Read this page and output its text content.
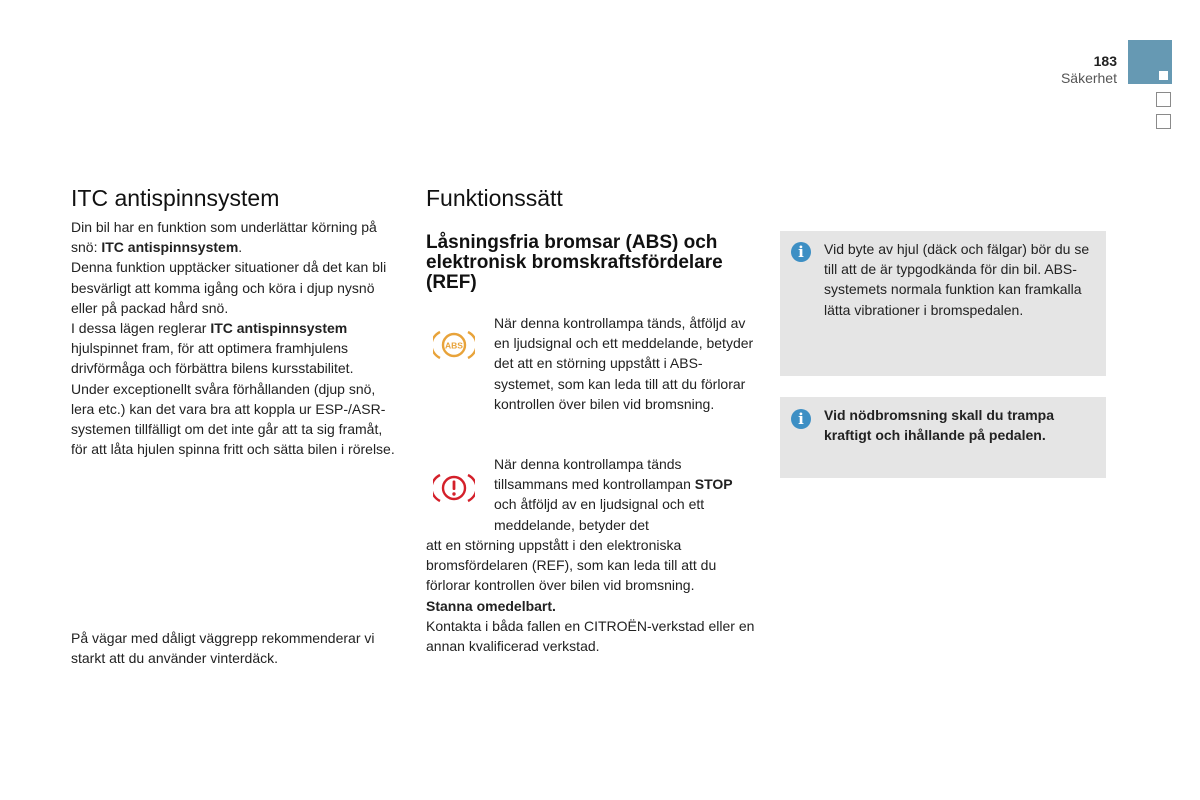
183
Säkerhet
ITC antispinnsystem

Din bil har en funktion som underlättar körning på snö: ITC antispinnsystem.

Denna funktion upptäcker situationer då det kan bli besvärligt att komma igång och köra i djup nysnö eller på packad hård snö.

I dessa lägen reglerar ITC antispinnsystem hjulspinnet fram, för att optimera framhjulens drivförmåga och förbättra bilens kursstabilitet.

Under exceptionellt svåra förhållanden (djup snö, lera etc.) kan det vara bra att koppla ur ESP-/ASR-systemen tillfälligt om det inte går att ta sig framåt, för att låta hjulen spinna fritt och sätta bilen i rörelse.

På vägar med dåligt väggrepp rekommenderar vi starkt att du använder vinterdäck.
Funktionssätt
Låsningsfria bromsar (ABS) och elektronisk bromskraftsfördelare (REF)
ABS
När denna kontrollampa tänds, åtföljd av en ljudsignal och ett meddelande, betyder det att en störning uppstått i ABS-systemet, som kan leda till att du förlorar kontrollen över bilen vid bromsning.
När denna kontrollampa tänds tillsammans med kontrollampan STOP och åtföljd av en ljudsignal och ett meddelande, betyder det

att en störning uppstått i den elektroniska bromsfördelaren (REF), som kan leda till att du förlorar kontrollen över bilen vid bromsning.

Stanna omedelbart.

Kontakta i båda fallen en CITROËN-verkstad eller en annan kvalificerad verkstad.

i	Vid byte av hjul (däck och fälgar) bör du se till att de är typgodkända för din bil. ABS-systemets normala funktion kan framkalla lätta vibrationer i bromspedalen.
i	Vid nödbromsning skall du trampa kraftigt och ihållande på pedalen.
